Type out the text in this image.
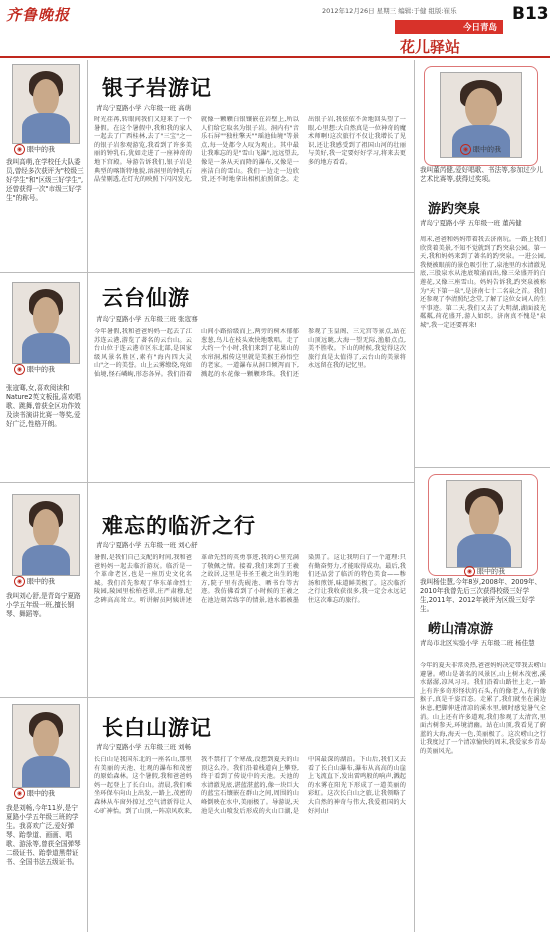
齐鲁晚报	2012年12月26日 星期三 编辑:于健 组版:崔乐	B13
今日青岛
花儿驿站
◉ 眼中的我
我叫高萌,在学校任大队委员,曾经多次获评为"校级三好学生"和"区级三好学生",还曾获得一次"市级三好学生"的称号。
银子岩游记
青岛宁夏路小学 六年级一班 高萌
时光荏苒,转眼间我们又迎来了一个暑假。在这个暑假中,我和我的家人一起去了广西桂林,去了"三宝"之一的银子岩参观游览,我看到了许多美丽的钟乳石,犹如走进了一座神奇的地下宫殿。导游告诉我们,银子岩是典型的喀斯特地貌,溶洞里的钟乳石晶莹剔透,在灯光的映照下闪闪发光,就像一颗颗白银镶嵌在岩壁上,所以人们给它取名为银子岩。洞内有"音乐石屏""独柱擎天""瑶池仙境"等景点,每一处都令人叹为观止。其中最让我难忘的是"雪山飞瀑",远远望去,像是一条从天而降的瀑布,又像是一座洁白的雪山。我们一边走一边欣赏,还不时地拿出相机拍照留念。走出银子岩,我依依不舍地回头望了一眼,心里想:大自然真是一位神奇的魔术师啊!这次旅行不仅让我增长了见识,还让我感受到了祖国山河的壮丽与美好,我一定要好好学习,将来去更多的地方看看。
◉ 眼中的我
张寇骞,女,喜欢阅读和Nature2英文板报,喜欢唱歌、跳舞,曾获全区功作效及读书演讲比赛一等奖,爱好广泛,性格开朗。
云台仙游
青岛宁夏路小学 五年级三班 张寇骞
今年暑假,我和爸爸妈妈一起去了江苏连云港,游览了著名的云台山。云台山位于连云港市区东北部,是国家级风景名胜区,素有"海内四大灵山"之一的美誉。山上云雾缭绕,宛如仙境,怪石嶙峋,形态各异。我们沿着山间小路拾级而上,两旁的树木郁郁葱葱,鸟儿在枝头欢快地歌唱。走了大约一个小时,我们来到了花果山的水帘洞,相传这里就是美猴王孙悟空的老家。一道瀑布从洞口倾泻而下,溅起的水花像一颗颗珍珠。我们还参观了玉皇阁、三元宫等景点,站在山顶远眺,大海一望无际,渔船点点,美不胜收。下山的时候,我觉得这次旅行真是太值得了,云台山的美景将永远留在我的记忆里。
◉ 眼中的我
我叫刘心舒,是青岛宁夏路小学五年级一班,擅长钢琴、舞蹈等。
难忘的临沂之行
青岛宁夏路小学 五年级一班 刘心舒
暑假,是我们自己支配的时间,我和爸爸妈妈一起去临沂游玩。临沂是一个革命老区,也是一座历史文化名城。我们首先参观了华东革命烈士陵园,陵园里松柏苍翠,庄严肃穆,纪念碑高高耸立。听讲解员阿姨讲述革命先烈的英勇事迹,我的心里充满了敬佩之情。接着,我们来到了王羲之故居,这里是书圣王羲之出生的地方,院子里有洗砚池、晒书台等古迹。我仿佛看到了小时候的王羲之在池边刻苦练字的情景,池水都被墨染黑了。这让我明白了一个道理:只有勤奋努力,才能取得成功。最后,我们还品尝了临沂的特色美食——糁汤和煎饼,味道鲜美极了。这次临沂之行让我收获很多,我一定会永远记住这次难忘的旅行。
◉ 眼中的我
我是刘畅,今年11岁,是宁夏路小学五年级三班的学生。我喜欢广泛,爱好弹琴、跆拳道、画画、唱歌、游泳等,曾获全国弹琴二级证书、跆拳道黑带证书、全国书法五级证书。
长白山游记
青岛宁夏路小学 五年级三班 刘畅
长白山是我国东北的一座名山,那里有美丽的天池、壮观的瀑布和茂密的原始森林。这个暑假,我和爸爸妈妈一起登上了长白山。清晨,我们乘坐环保车向山上出发,一路上,茂密的森林从车窗外掠过,空气清新得让人心旷神怡。到了山顶,一阵凉风吹来,我不禁打了个寒战,没想到夏天的山顶这么冷。我们沿着栈道向上攀登,终于看到了传说中的天池。天池的水清澈见底,湛蓝湛蓝的,像一块巨大的蓝宝石镶嵌在群山之间,周围的山峰倒映在水中,美丽极了。导游说,天池是火山喷发后形成的火山口湖,是中国最深的湖泊。下山后,我们又去看了长白山瀑布,瀑布从高高的山崖上飞流直下,发出雷鸣般的响声,溅起的水雾在阳光下形成了一道美丽的彩虹。这次长白山之旅,让我领略了大自然的神奇与伟大,我爱祖国的大好河山!
◉ 眼中的我
我叫董芮健,爱好唱歌、书法等,参加过少儿艺术比赛等,获得过奖项。
游趵突泉
青岛宁夏路小学 五年级一班 董芮健
周末,爸爸和妈妈带着我去济南玩。一路上我们欣赏着美景,不知不觉就到了趵突泉公园。第一天,我和妈妈来到了著名的趵突泉。一进公园,我便被眼前的景色吸引住了,泉池里的水清澈见底,三股泉水从池底喷涌而出,像三朵盛开的白莲花,又像三座雪山。妈妈告诉我,趵突泉被称为"天下第一泉",是济南七十二名泉之首。我们还参观了李清照纪念堂,了解了这位女词人的生平事迹。第二天,我们又去了大明湖,湖面波光粼粼,荷花盛开,游人如织。济南真不愧是"泉城",我一定还要再来!
◉ 眼中的我
我叫杨佳慧,今年8岁,2008年、2009年、2010年我曾先后三次获得校级三好学生,2011年、2012年被评为区级三好学生。
崂山清凉游
青岛市北区实验小学 五年级二班 杨佳慧
今年的夏天非常炎热,爸爸妈妈决定带我去崂山避暑。崂山是著名的风景区,山上树木茂密,溪水潺潺,凉风习习。我们沿着山路往上走,一路上有许多奇形怪状的石头,有的像老人,有的像猴子,真是千姿百态。走累了,我们就坐在溪边休息,把脚伸进清凉的溪水里,顿时感觉暑气全消。山上还有许多道观,我们参观了太清宫,里面古树参天,环境清幽。站在山顶,我看见了蔚蓝的大海,海天一色,美丽极了。这次崂山之行让我度过了一个清凉愉快的周末,我爱家乡青岛的美丽风光。
